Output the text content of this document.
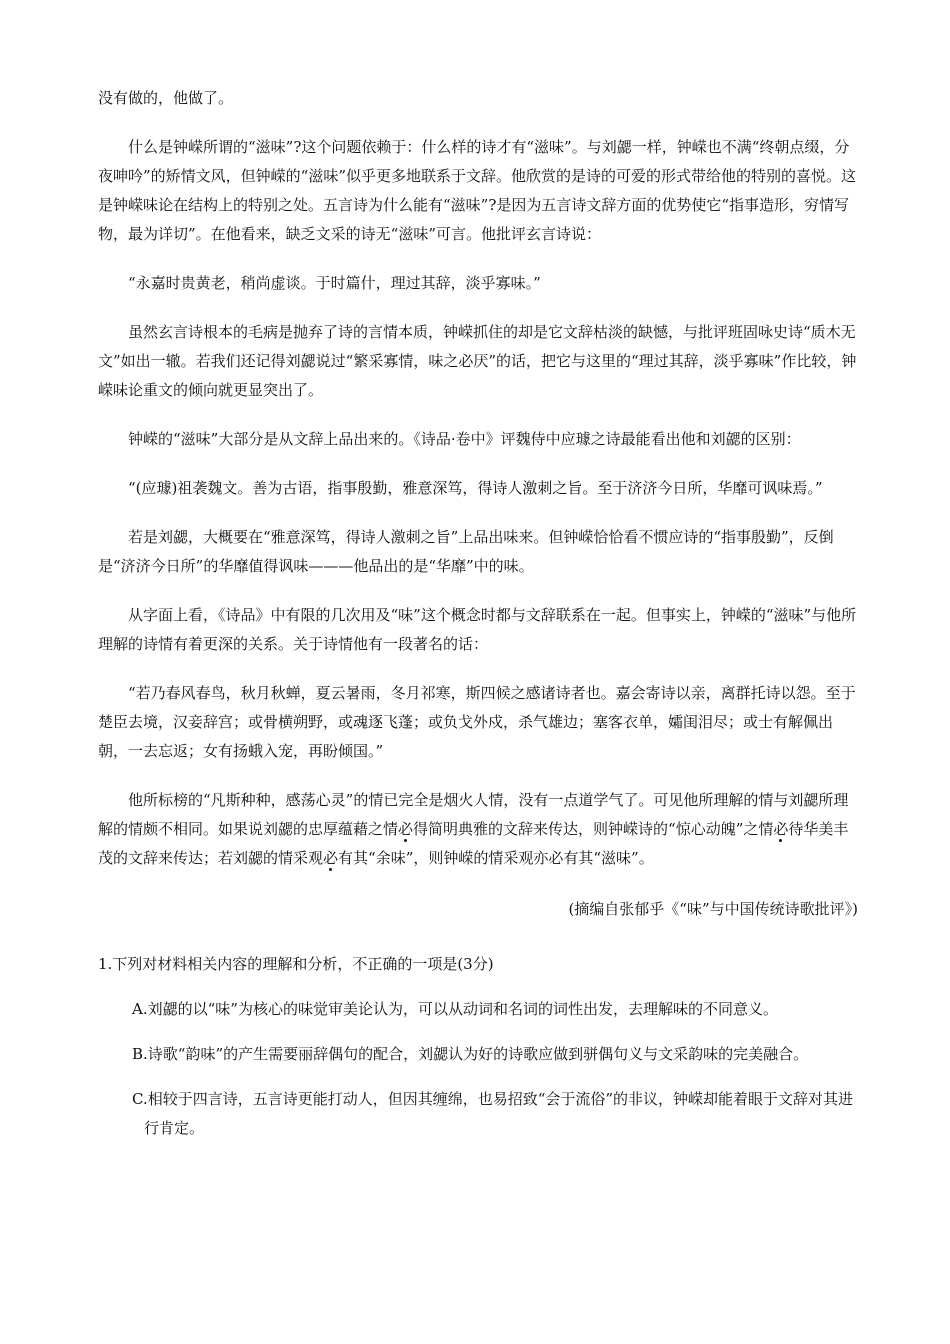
没有做的，他做了。

什么是钟嵘所谓的“滋味”?这个问题依赖于：什么样的诗才有“滋味”。与刘勰一样，钟嵘也不满“终朝点缀，分夜呻吟”的矫情文风，但钟嵘的“滋味”似乎更多地联系于文辞。他欣赏的是诗的可爱的形式带给他的特别的喜悦。这是钟嵘味论在结构上的特别之处。五言诗为什么能有“滋味”?是因为五言诗文辞方面的优势使它“指事造形，穷情写物，最为详切”。在他看来，缺乏文采的诗无“滋味”可言。他批评玄言诗说：

“永嘉时贵黄老，稍尚虚谈。于时篇什，理过其辞，淡乎寡味。”

虽然玄言诗根本的毛病是抛弃了诗的言情本质，钟嵘抓住的却是它文辞枯淡的缺憾，与批评班固咏史诗“质木无文”如出一辙。若我们还记得刘勰说过“繁采寡情，味之必厌”的话，把它与这里的“理过其辞，淡乎寡味”作比较，钟嵘味论重文的倾向就更显突出了。

钟嵘的“滋味”大部分是从文辞上品出来的。《诗品·卷中》评魏侍中应璩之诗最能看出他和刘勰的区别：

“(应璩)祖袭魏文。善为古语，指事殷勤，雅意深笃，得诗人激刺之旨。至于济济今日所，华靡可讽味焉。”

若是刘勰，大概要在“雅意深笃，得诗人激刺之旨”上品出味来。但钟嵘恰恰看不惯应诗的“指事殷勤”，反倒是“济济今日所”的华靡值得讽味———他品出的是“华靡”中的味。

从字面上看，《诗品》中有限的几次用及“味”这个概念时都与文辞联系在一起。但事实上，钟嵘的“滋味”与他所理解的诗情有着更深的关系。关于诗情他有一段著名的话：

“若乃春风春鸟，秋月秋蝉，夏云暑雨，冬月祁寒，斯四候之感诸诗者也。嘉会寄诗以亲，离群托诗以怨。至于楚臣去境，汉妾辞宫；或骨横朔野，或魂逐飞蓬；或负戈外戍，杀气雄边；塞客衣单，孀闺泪尽；或士有解佩出朝，一去忘返；女有扬蛾入宠，再盼倾国。”

他所标榜的“凡斯种种，感荡心灵”的情已完全是烟火人情，没有一点道学气了。可见他所理解的情与刘勰所理解的情颇不相同。如果说刘勰的忠厚蕴藉之情必得简明典雅的文辞来传达，则钟嵘诗的“惊心动魄”之情必待华美丰茂的文辞来传达；若刘勰的情采观必有其“余味”，则钟嵘的情采观亦必有其“滋味”。

(摘编自张郁乎《“味”与中国传统诗歌批评》)

1.下列对材料相关内容的理解和分析，不正确的一项是(3分)

A.刘勰的以“味”为核心的味觉审美论认为，可以从动词和名词的词性出发，去理解味的不同意义。

B.诗歌“韵味”的产生需要丽辞偶句的配合，刘勰认为好的诗歌应做到骈偶句义与文采韵味的完美融合。

C.相较于四言诗，五言诗更能打动人，但因其缠绵，也易招致“会于流俗”的非议，钟嵘却能着眼于文辞对其进行肯定。
